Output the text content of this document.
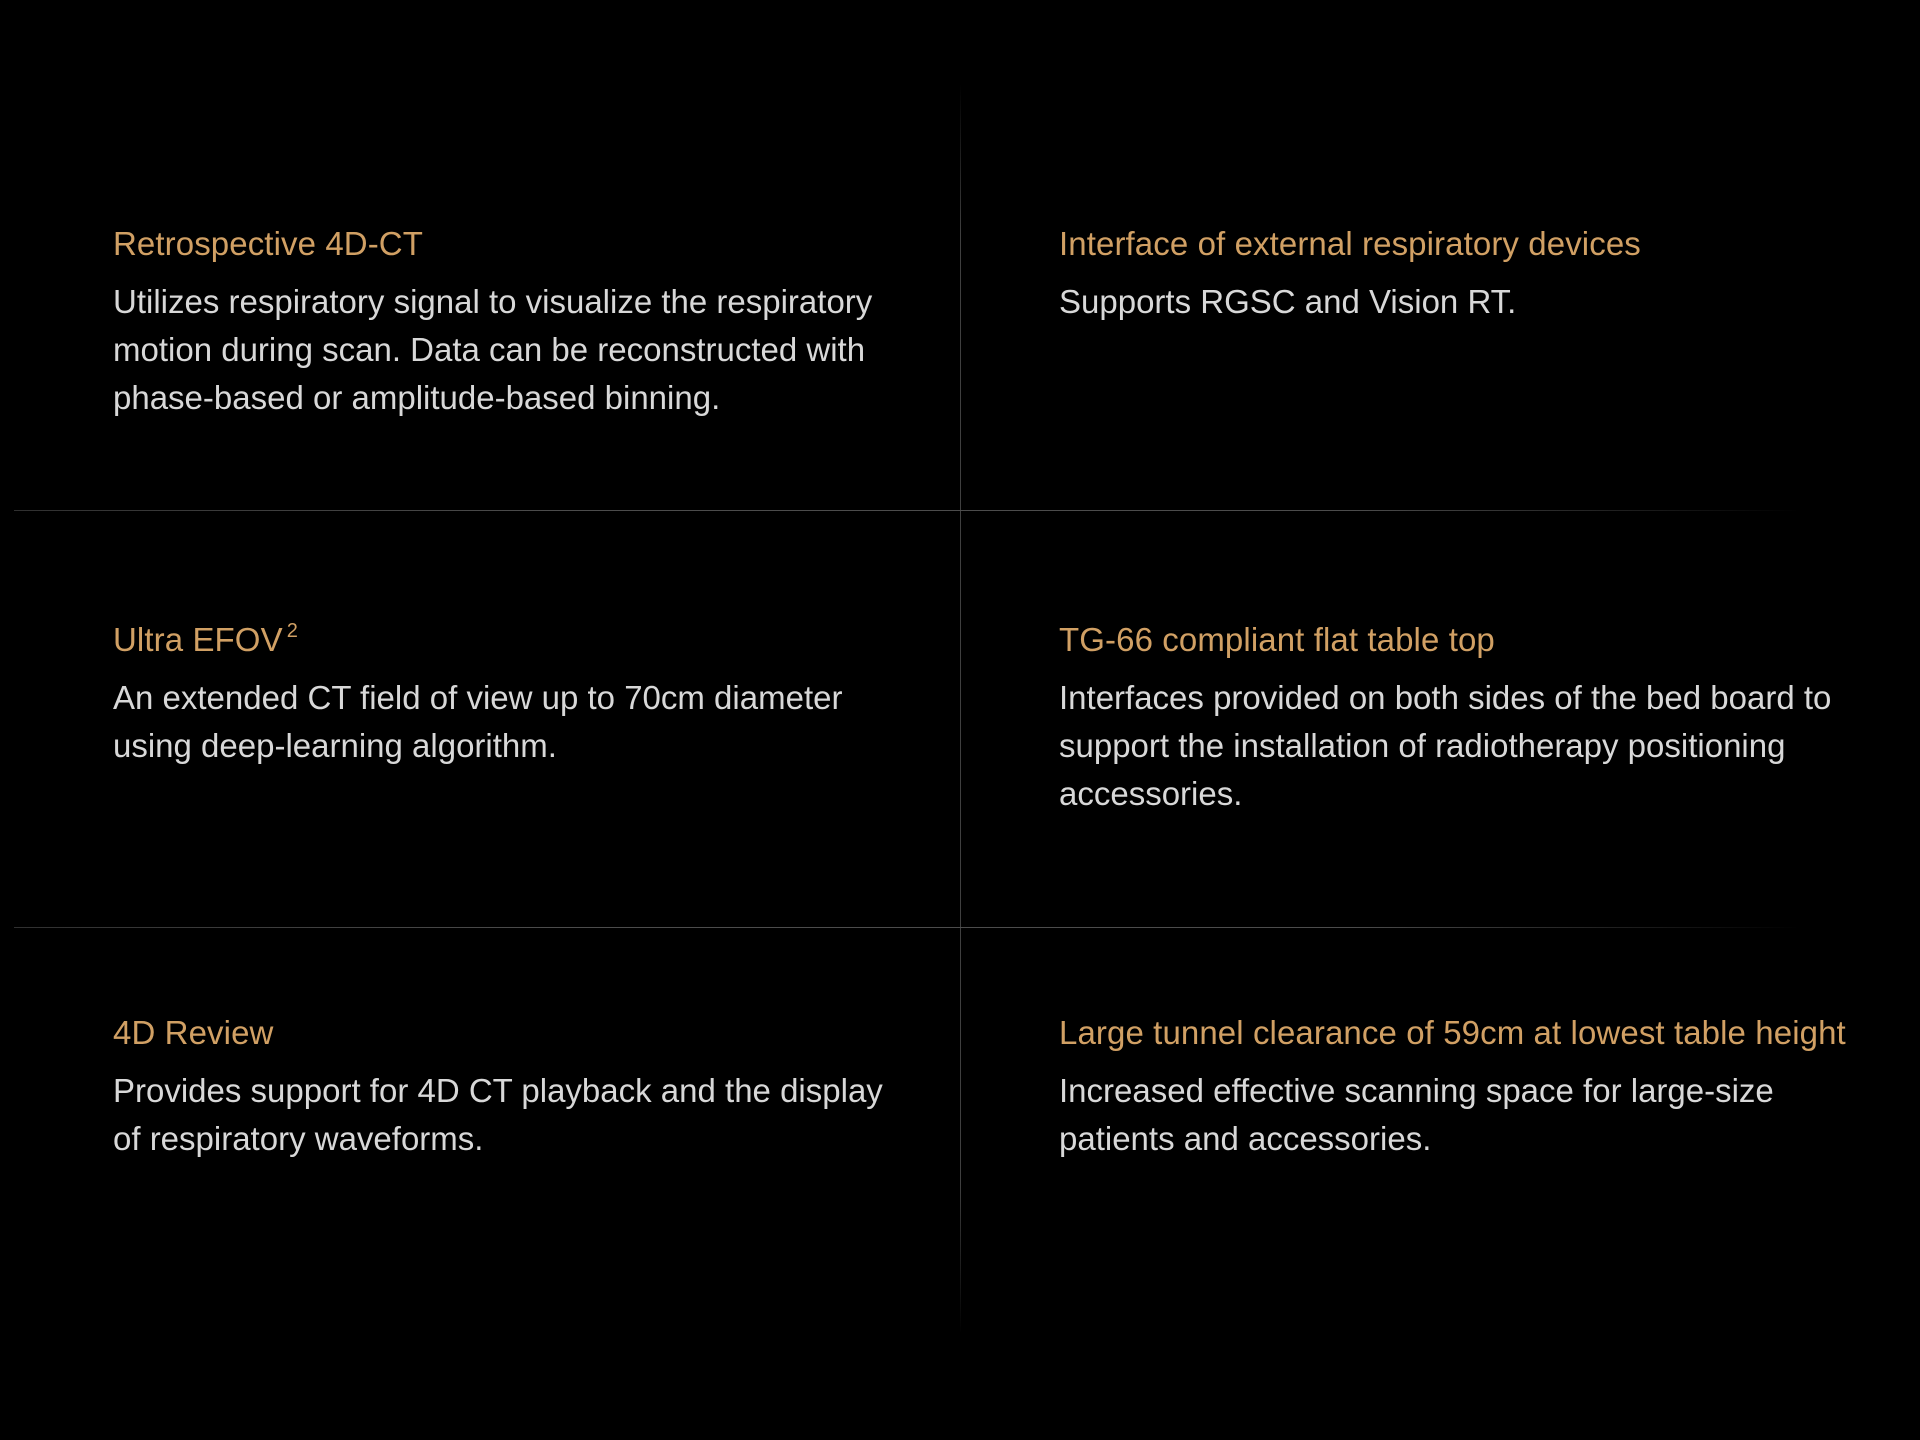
Retrospective 4D-CT

Utilizes respiratory signal to visualize the respiratory motion during scan. Data can be reconstructed with phase-based or amplitude-based binning.

Interface of external respiratory devices

Supports RGSC and Vision RT.

Ultra EFOV $^2$

An extended CT field of view up to 70cm diameter using deep-learning algorithm.

TG-66 compliant flat table top

Interfaces provided on both sides of the bed board to support the installation of radiotherapy positioning accessories.

4D Review

Provides support for 4D CT playback and the display of respiratory waveforms.

Large tunnel clearance of 59cm at lowest table height

Increased effective scanning space for large-size patients and accessories.
